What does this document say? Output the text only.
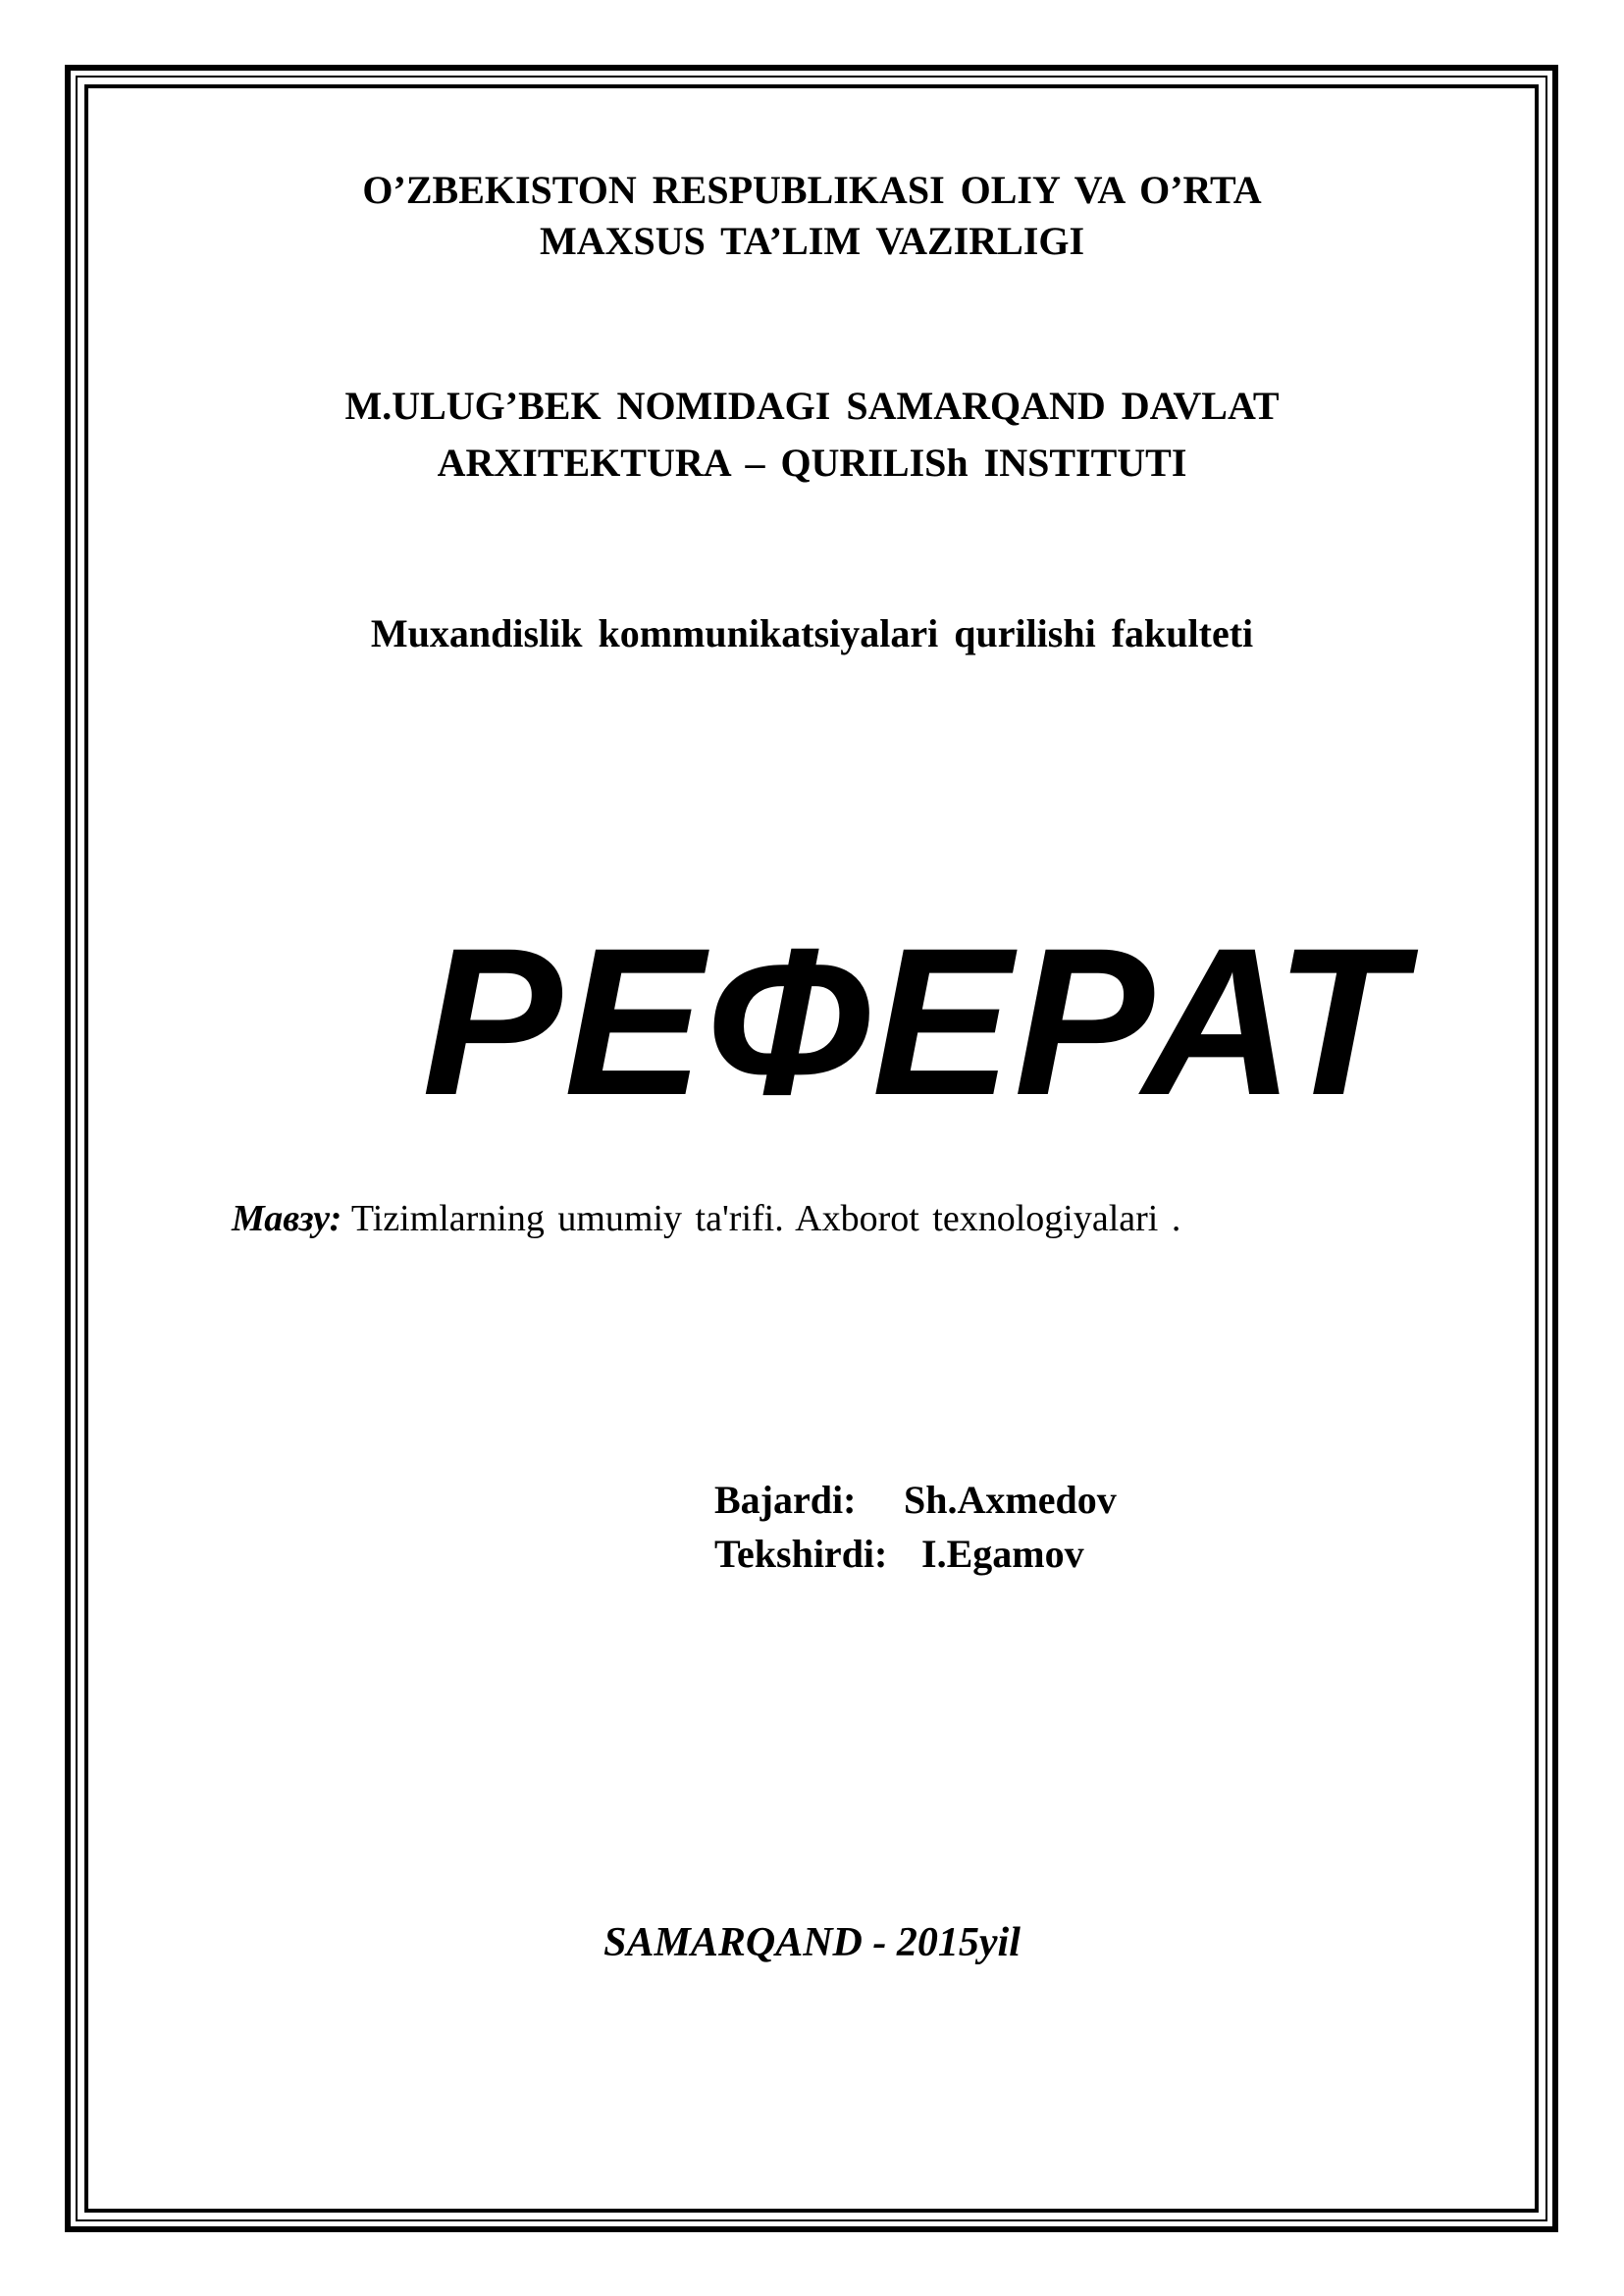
O’ZBEKISTON RESPUBLIKASI OLIY VA O’RTA
MAXSUS TA’LIM VAZIRLIGI
M.ULUG’BEK NOMIDAGI SAMARQAND DAVLAT
ARXITEKTURA – QURILISh INSTITUTI
Muxandislik kommunikatsiyalari qurilishi fakulteti
РЕФЕРАТ
Мавзу: Tizimlarning umumiy ta'rifi. Axborot texnologiyalari .
Bajardi: Sh.Axmedov
Tekshirdi: I.Egamov
SAMARQAND - 2015yil
